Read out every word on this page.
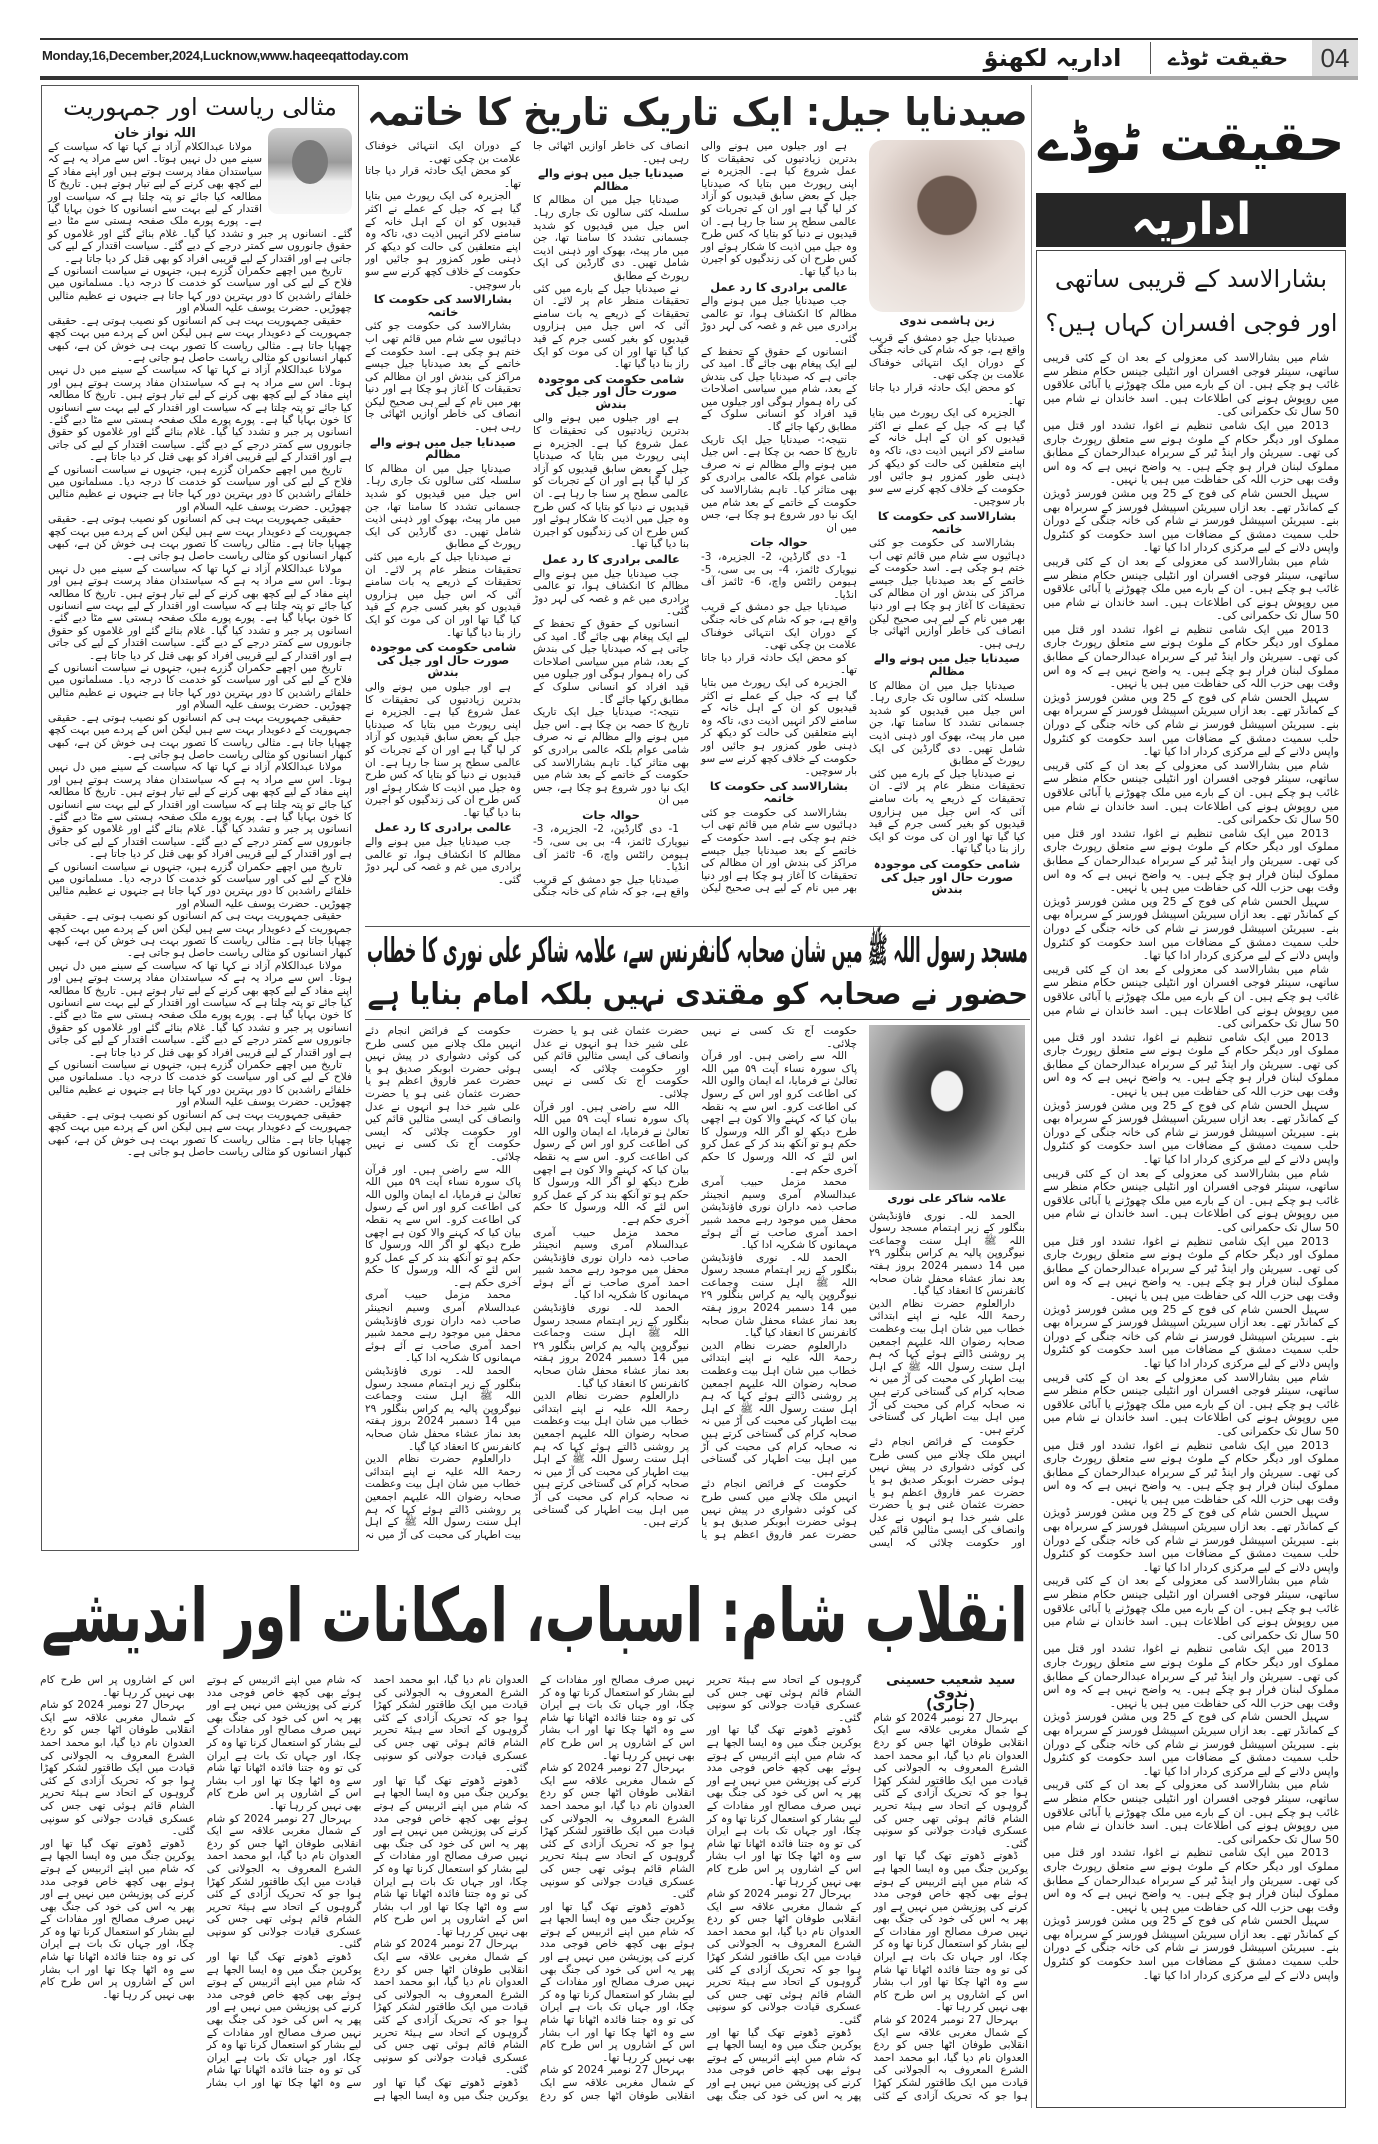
Monday,16,December,2024,Lucknow,www.haqeeqattoday.com	اداریہ لکھنؤ حقیقت ٹوڈے	04
مثالی ریاست اور جمہوریت
اللہ نواز خان

مولانا عبدالکلام آزاد نے کہا تھا کہ سیاست کے سینے میں دل نہیں ہوتا۔ اس سے مراد یہ ہے کہ سیاستدان مفاد پرست ہوتے ہیں اور اپنے مفاد کے لیے کچھ بھی کرنے کے لیے تیار ہوتے ہیں۔ تاریخ کا مطالعہ کیا جائے تو پتہ چلتا ہے کہ سیاست اور اقتدار کے لیے بہت سے انسانوں کا خون بہایا گیا ہے۔ پورے پورے ملک صفحہ ہستی سے مٹا دیے گئے۔ انسانوں پر جبر و تشدد کیا گیا۔ غلام بنائے گئے اور غلاموں کو حقوق جانوروں سے کمتر درجے کے دیے گئے۔ سیاست اقتدار کے لیے کی جاتی ہے اور اقتدار کے لیے قریبی افراد کو بھی قتل کر دیا جاتا ہے۔

تاریخ میں اچھے حکمران گزرے ہیں، جنہوں نے سیاست انسانوں کے فلاح کے لیے کی اور سیاست کو خدمت کا درجہ دیا۔ مسلمانوں میں خلفائے راشدین کا دور بہترین دور کہا جاتا ہے جنہوں نے عظیم مثالیں چھوڑیں۔ حضرت یوسف علیہ السلام اور

حقیقی جمہوریت بہت ہی کم انسانوں کو نصیب ہوتی ہے۔ حقیقی جمہوریت کے دعویدار بہت سے ہیں لیکن اس کے پردے میں بہت کچھ چھپایا جاتا ہے۔ مثالی ریاست کا تصور بہت ہی خوش کن ہے، کبھی کبھار انسانوں کو مثالی ریاست حاصل ہو جاتی ہے۔

مولانا عبدالکلام آزاد نے کہا تھا کہ سیاست کے سینے میں دل نہیں ہوتا۔ اس سے مراد یہ ہے کہ سیاستدان مفاد پرست ہوتے ہیں اور اپنے مفاد کے لیے کچھ بھی کرنے کے لیے تیار ہوتے ہیں۔ تاریخ کا مطالعہ کیا جائے تو پتہ چلتا ہے کہ سیاست اور اقتدار کے لیے بہت سے انسانوں کا خون بہایا گیا ہے۔ پورے پورے ملک صفحہ ہستی سے مٹا دیے گئے۔ انسانوں پر جبر و تشدد کیا گیا۔ غلام بنائے گئے اور غلاموں کو حقوق جانوروں سے کمتر درجے کے دیے گئے۔ سیاست اقتدار کے لیے کی جاتی ہے اور اقتدار کے لیے قریبی افراد کو بھی قتل کر دیا جاتا ہے۔

تاریخ میں اچھے حکمران گزرے ہیں، جنہوں نے سیاست انسانوں کے فلاح کے لیے کی اور سیاست کو خدمت کا درجہ دیا۔ مسلمانوں میں خلفائے راشدین کا دور بہترین دور کہا جاتا ہے جنہوں نے عظیم مثالیں چھوڑیں۔ حضرت یوسف علیہ السلام اور

حقیقی جمہوریت بہت ہی کم انسانوں کو نصیب ہوتی ہے۔ حقیقی جمہوریت کے دعویدار بہت سے ہیں لیکن اس کے پردے میں بہت کچھ چھپایا جاتا ہے۔ مثالی ریاست کا تصور بہت ہی خوش کن ہے، کبھی کبھار انسانوں کو مثالی ریاست حاصل ہو جاتی ہے۔

مولانا عبدالکلام آزاد نے کہا تھا کہ سیاست کے سینے میں دل نہیں ہوتا۔ اس سے مراد یہ ہے کہ سیاستدان مفاد پرست ہوتے ہیں اور اپنے مفاد کے لیے کچھ بھی کرنے کے لیے تیار ہوتے ہیں۔ تاریخ کا مطالعہ کیا جائے تو پتہ چلتا ہے کہ سیاست اور اقتدار کے لیے بہت سے انسانوں کا خون بہایا گیا ہے۔ پورے پورے ملک صفحہ ہستی سے مٹا دیے گئے۔ انسانوں پر جبر و تشدد کیا گیا۔ غلام بنائے گئے اور غلاموں کو حقوق جانوروں سے کمتر درجے کے دیے گئے۔ سیاست اقتدار کے لیے کی جاتی ہے اور اقتدار کے لیے قریبی افراد کو بھی قتل کر دیا جاتا ہے۔

تاریخ میں اچھے حکمران گزرے ہیں، جنہوں نے سیاست انسانوں کے فلاح کے لیے کی اور سیاست کو خدمت کا درجہ دیا۔ مسلمانوں میں خلفائے راشدین کا دور بہترین دور کہا جاتا ہے جنہوں نے عظیم مثالیں چھوڑیں۔ حضرت یوسف علیہ السلام اور

حقیقی جمہوریت بہت ہی کم انسانوں کو نصیب ہوتی ہے۔ حقیقی جمہوریت کے دعویدار بہت سے ہیں لیکن اس کے پردے میں بہت کچھ چھپایا جاتا ہے۔ مثالی ریاست کا تصور بہت ہی خوش کن ہے، کبھی کبھار انسانوں کو مثالی ریاست حاصل ہو جاتی ہے۔

مولانا عبدالکلام آزاد نے کہا تھا کہ سیاست کے سینے میں دل نہیں ہوتا۔ اس سے مراد یہ ہے کہ سیاستدان مفاد پرست ہوتے ہیں اور اپنے مفاد کے لیے کچھ بھی کرنے کے لیے تیار ہوتے ہیں۔ تاریخ کا مطالعہ کیا جائے تو پتہ چلتا ہے کہ سیاست اور اقتدار کے لیے بہت سے انسانوں کا خون بہایا گیا ہے۔ پورے پورے ملک صفحہ ہستی سے مٹا دیے گئے۔ انسانوں پر جبر و تشدد کیا گیا۔ غلام بنائے گئے اور غلاموں کو حقوق جانوروں سے کمتر درجے کے دیے گئے۔ سیاست اقتدار کے لیے کی جاتی ہے اور اقتدار کے لیے قریبی افراد کو بھی قتل کر دیا جاتا ہے۔

تاریخ میں اچھے حکمران گزرے ہیں، جنہوں نے سیاست انسانوں کے فلاح کے لیے کی اور سیاست کو خدمت کا درجہ دیا۔ مسلمانوں میں خلفائے راشدین کا دور بہترین دور کہا جاتا ہے جنہوں نے عظیم مثالیں چھوڑیں۔ حضرت یوسف علیہ السلام اور

حقیقی جمہوریت بہت ہی کم انسانوں کو نصیب ہوتی ہے۔ حقیقی جمہوریت کے دعویدار بہت سے ہیں لیکن اس کے پردے میں بہت کچھ چھپایا جاتا ہے۔ مثالی ریاست کا تصور بہت ہی خوش کن ہے، کبھی کبھار انسانوں کو مثالی ریاست حاصل ہو جاتی ہے۔

مولانا عبدالکلام آزاد نے کہا تھا کہ سیاست کے سینے میں دل نہیں ہوتا۔ اس سے مراد یہ ہے کہ سیاستدان مفاد پرست ہوتے ہیں اور اپنے مفاد کے لیے کچھ بھی کرنے کے لیے تیار ہوتے ہیں۔ تاریخ کا مطالعہ کیا جائے تو پتہ چلتا ہے کہ سیاست اور اقتدار کے لیے بہت سے انسانوں کا خون بہایا گیا ہے۔ پورے پورے ملک صفحہ ہستی سے مٹا دیے گئے۔ انسانوں پر جبر و تشدد کیا گیا۔ غلام بنائے گئے اور غلاموں کو حقوق جانوروں سے کمتر درجے کے دیے گئے۔ سیاست اقتدار کے لیے کی جاتی ہے اور اقتدار کے لیے قریبی افراد کو بھی قتل کر دیا جاتا ہے۔

تاریخ میں اچھے حکمران گزرے ہیں، جنہوں نے سیاست انسانوں کے فلاح کے لیے کی اور سیاست کو خدمت کا درجہ دیا۔ مسلمانوں میں خلفائے راشدین کا دور بہترین دور کہا جاتا ہے جنہوں نے عظیم مثالیں چھوڑیں۔ حضرت یوسف علیہ السلام اور

حقیقی جمہوریت بہت ہی کم انسانوں کو نصیب ہوتی ہے۔ حقیقی جمہوریت کے دعویدار بہت سے ہیں لیکن اس کے پردے میں بہت کچھ چھپایا جاتا ہے۔ مثالی ریاست کا تصور بہت ہی خوش کن ہے، کبھی کبھار انسانوں کو مثالی ریاست حاصل ہو جاتی ہے۔

صیدنایا جیل: ایک تاریک تاریخ کا خاتمہ
زین ہاشمی ندوی

صیدنایا جیل جو دمشق کے قریب واقع ہے، جو کہ شام کی خانہ جنگی کے دوران ایک انتہائی خوفناک علامت بن چکی تھی۔

کو محض ایک حادثہ قرار دیا جاتا تھا۔

الجزیرہ کی ایک رپورٹ میں بتایا گیا ہے کہ جیل کے عملے نے اکثر قیدیوں کو ان کے اہل خانہ کے سامنے لاکر انہیں اذیت دی، تاکہ وہ اپنے متعلقین کی حالت کو دیکھ کر ذہنی طور کمزور ہو جائیں اور حکومت کے خلاف کچھ کرنے سے سو بار سوچیں۔

بشارالاسد کی حکومت کا خاتمہ

بشارالاسد کی حکومت جو کئی دہائیوں سے شام میں قائم تھی اب ختم ہو چکی ہے۔ اسد حکومت کے خاتمے کے بعد صیدنایا جیل جیسے مراکز کی بندش اور ان مظالم کی تحقیقات کا آغاز ہو چکا ہے اور دنیا بھر میں نام کے لیے ہی صحیح لیکن انصاف کی خاطر آوازیں اٹھائی جا رہی ہیں۔

صیدنایا جیل میں ہونے والے مظالم

صیدنایا جیل میں ان مظالم کا سلسلہ کئی سالوں تک جاری رہا۔ اس جیل میں قیدیوں کو شدید جسمانی تشدد کا سامنا تھا، جن میں مار پیٹ، بھوک اور ذہنی اذیت شامل تھیں۔ دی گارڈین کی ایک رپورٹ کے مطابق

نے صیدنایا جیل کے بارے میں کئی تحقیقات منظر عام پر لائے۔ ان تحقیقات کے ذریعے یہ بات سامنے آئی کہ اس جیل میں ہزاروں قیدیوں کو بغیر کسی جرم کے قید کیا گیا تھا اور ان کی موت کو ایک راز بنا دیا گیا تھا۔

شامی حکومت کی موجودہ صورت حال اور جیل کی بندش

ہے اور جیلوں میں ہونے والی بدترین زیادتیوں کی تحقیقات کا عمل شروع کیا ہے۔ الجزیرہ نے اپنی رپورٹ میں بتایا کہ صیدنایا جیل کے بعض سابق قیدیوں کو آزاد کر لیا گیا ہے اور ان کے تجربات کو عالمی سطح پر سنا جا رہا ہے۔ ان قیدیوں نے دنیا کو بتایا کہ کس طرح وہ جیل میں اذیت کا شکار ہوئے اور کس طرح ان کی زندگیوں کو اجیرن بنا دیا گیا تھا۔

عالمی برادری کا رد عمل

جب صیدنایا جیل میں ہونے والے مظالم کا انکشاف ہوا، تو عالمی برادری میں غم و غصہ کی لہر دوڑ گئی۔

انسانوں کے حقوق کے تحفظ کے لیے ایک پیغام بھی جائے گا۔ امید کی جاتی ہے کہ صیدنایا جیل کی بندش کے بعد، شام میں سیاسی اصلاحات کی راہ ہموار ہوگی اور جیلوں میں قید افراد کو انسانی سلوک کے مطابق رکھا جائے گا۔

نتیجہ:- صیدنایا جیل ایک تاریک تاریخ کا حصہ بن چکا ہے۔ اس جیل میں ہونے والے مظالم نے نہ صرف شامی عوام بلکہ عالمی برادری کو بھی متاثر کیا۔ تاہم بشارالاسد کی حکومت کے خاتمے کے بعد شام میں ایک نیا دور شروع ہو چکا ہے، جس میں ان

حوالہ جات

1- دی گارڈین، 2- الجزیرہ، 3- نیویارک ٹائمز، 4- بی بی سی، 5- ہیومن رائٹس واچ، 6- ٹائمز آف انڈیا۔

صیدنایا جیل جو دمشق کے قریب واقع ہے، جو کہ شام کی خانہ جنگی کے دوران ایک انتہائی خوفناک علامت بن چکی تھی۔

کو محض ایک حادثہ قرار دیا جاتا تھا۔

الجزیرہ کی ایک رپورٹ میں بتایا گیا ہے کہ جیل کے عملے نے اکثر قیدیوں کو ان کے اہل خانہ کے سامنے لاکر انہیں اذیت دی، تاکہ وہ اپنے متعلقین کی حالت کو دیکھ کر ذہنی طور کمزور ہو جائیں اور حکومت کے خلاف کچھ کرنے سے سو بار سوچیں۔

بشارالاسد کی حکومت کا خاتمہ

بشارالاسد کی حکومت جو کئی دہائیوں سے شام میں قائم تھی اب ختم ہو چکی ہے۔ اسد حکومت کے خاتمے کے بعد صیدنایا جیل جیسے مراکز کی بندش اور ان مظالم کی تحقیقات کا آغاز ہو چکا ہے اور دنیا بھر میں نام کے لیے ہی صحیح لیکن انصاف کی خاطر آوازیں اٹھائی جا رہی ہیں۔

صیدنایا جیل میں ہونے والے مظالم

صیدنایا جیل میں ان مظالم کا سلسلہ کئی سالوں تک جاری رہا۔ اس جیل میں قیدیوں کو شدید جسمانی تشدد کا سامنا تھا، جن میں مار پیٹ، بھوک اور ذہنی اذیت شامل تھیں۔ دی گارڈین کی ایک رپورٹ کے مطابق

نے صیدنایا جیل کے بارے میں کئی تحقیقات منظر عام پر لائے۔ ان تحقیقات کے ذریعے یہ بات سامنے آئی کہ اس جیل میں ہزاروں قیدیوں کو بغیر کسی جرم کے قید کیا گیا تھا اور ان کی موت کو ایک راز بنا دیا گیا تھا۔

شامی حکومت کی موجودہ صورت حال اور جیل کی بندش

ہے اور جیلوں میں ہونے والی بدترین زیادتیوں کی تحقیقات کا عمل شروع کیا ہے۔ الجزیرہ نے اپنی رپورٹ میں بتایا کہ صیدنایا جیل کے بعض سابق قیدیوں کو آزاد کر لیا گیا ہے اور ان کے تجربات کو عالمی سطح پر سنا جا رہا ہے۔ ان قیدیوں نے دنیا کو بتایا کہ کس طرح وہ جیل میں اذیت کا شکار ہوئے اور کس طرح ان کی زندگیوں کو اجیرن بنا دیا گیا تھا۔

عالمی برادری کا رد عمل

جب صیدنایا جیل میں ہونے والے مظالم کا انکشاف ہوا، تو عالمی برادری میں غم و غصہ کی لہر دوڑ گئی۔

انسانوں کے حقوق کے تحفظ کے لیے ایک پیغام بھی جائے گا۔ امید کی جاتی ہے کہ صیدنایا جیل کی بندش کے بعد، شام میں سیاسی اصلاحات کی راہ ہموار ہوگی اور جیلوں میں قید افراد کو انسانی سلوک کے مطابق رکھا جائے گا۔

نتیجہ:- صیدنایا جیل ایک تاریک تاریخ کا حصہ بن چکا ہے۔ اس جیل میں ہونے والے مظالم نے نہ صرف شامی عوام بلکہ عالمی برادری کو بھی متاثر کیا۔ تاہم بشارالاسد کی حکومت کے خاتمے کے بعد شام میں ایک نیا دور شروع ہو چکا ہے، جس میں ان

حوالہ جات

1- دی گارڈین، 2- الجزیرہ، 3- نیویارک ٹائمز، 4- بی بی سی، 5- ہیومن رائٹس واچ، 6- ٹائمز آف انڈیا۔

صیدنایا جیل جو دمشق کے قریب واقع ہے، جو کہ شام کی خانہ جنگی کے دوران ایک انتہائی خوفناک علامت بن چکی تھی۔

کو محض ایک حادثہ قرار دیا جاتا تھا۔

الجزیرہ کی ایک رپورٹ میں بتایا گیا ہے کہ جیل کے عملے نے اکثر قیدیوں کو ان کے اہل خانہ کے سامنے لاکر انہیں اذیت دی، تاکہ وہ اپنے متعلقین کی حالت کو دیکھ کر ذہنی طور کمزور ہو جائیں اور حکومت کے خلاف کچھ کرنے سے سو بار سوچیں۔

بشارالاسد کی حکومت کا خاتمہ

بشارالاسد کی حکومت جو کئی دہائیوں سے شام میں قائم تھی اب ختم ہو چکی ہے۔ اسد حکومت کے خاتمے کے بعد صیدنایا جیل جیسے مراکز کی بندش اور ان مظالم کی تحقیقات کا آغاز ہو چکا ہے اور دنیا بھر میں نام کے لیے ہی صحیح لیکن انصاف کی خاطر آوازیں اٹھائی جا رہی ہیں۔

صیدنایا جیل میں ہونے والے مظالم

صیدنایا جیل میں ان مظالم کا سلسلہ کئی سالوں تک جاری رہا۔ اس جیل میں قیدیوں کو شدید جسمانی تشدد کا سامنا تھا، جن میں مار پیٹ، بھوک اور ذہنی اذیت شامل تھیں۔ دی گارڈین کی ایک رپورٹ کے مطابق

نے صیدنایا جیل کے بارے میں کئی تحقیقات منظر عام پر لائے۔ ان تحقیقات کے ذریعے یہ بات سامنے آئی کہ اس جیل میں ہزاروں قیدیوں کو بغیر کسی جرم کے قید کیا گیا تھا اور ان کی موت کو ایک راز بنا دیا گیا تھا۔

شامی حکومت کی موجودہ صورت حال اور جیل کی بندش

ہے اور جیلوں میں ہونے والی بدترین زیادتیوں کی تحقیقات کا عمل شروع کیا ہے۔ الجزیرہ نے اپنی رپورٹ میں بتایا کہ صیدنایا جیل کے بعض سابق قیدیوں کو آزاد کر لیا گیا ہے اور ان کے تجربات کو عالمی سطح پر سنا جا رہا ہے۔ ان قیدیوں نے دنیا کو بتایا کہ کس طرح وہ جیل میں اذیت کا شکار ہوئے اور کس طرح ان کی زندگیوں کو اجیرن بنا دیا گیا تھا۔

عالمی برادری کا رد عمل

جب صیدنایا جیل میں ہونے والے مظالم کا انکشاف ہوا، تو عالمی برادری میں غم و غصہ کی لہر دوڑ گئی۔

مسجد رسول اللہ ﷺ میں شان صحابہ کانفرنس سے، علامہ شاکر علی نوری کا خطاب
حضور نے صحابہ کو مقتدی نہیں بلکہ امام بنایا ہے
علامہ شاکر علی نوری

الحمد للہ۔ نوری فاؤنڈیشن بنگلور کے زیر اہتمام مسجد رسول اللہ ﷺ اہل سنت وجماعت نیوگروپن پالیہ یم کراس بنگلور ۲۹ میں 14 دسمبر 2024 بروز ہفتہ بعد نماز عشاء محفل شان صحابہ کانفرنس کا انعقاد کیا گیا۔

دارالعلوم حضرت نظام الدین رحمۃ اللہ علیہ نے اپنے ابتدائی خطاب میں شان اہل بیت وعظمت صحابہ رضوان اللہ علیہم اجمعین پر روشنی ڈالتے ہوئے کہا کہ ہم اہل سنت رسول اللہ ﷺ کے اہل بیت اطہار کی محبت کی آڑ میں نہ صحابہ کرام کی گستاخی کرتے ہیں نہ صحابہ کرام کی محبت کی آڑ میں اہل بیت اطہار کی گستاخی کرتے ہیں۔

حکومت کے فرائض انجام دئے انہیں ملک چلانے میں کسی طرح کی کوئی دشواری در پیش نہیں ہوئی حضرت ابوبکر صدیق ہو یا حضرت عمر فاروق اعظم ہو یا حضرت عثمان غنی ہو یا حضرت علی شیر خدا ہو انہوں نے عدل وانصاف کی ایسی مثالیں قائم کیں اور حکومت چلائی کہ ایسی حکومت آج تک کسی نے نہیں چلائی۔

اللہ سے راضی ہیں۔ اور قرآن پاک سورہ نساء آیت ۵۹ میں اللہ تعالیٰ نے فرمایا، اے ایمان والوں اللہ کی اطاعت کرو اور اس کے رسول کی اطاعت کرو۔ اس سے یہ نقطہ بیان کیا کہ کہنے والا کون ہے اچھی طرح دیکھ لو اگر اللہ ورسول کا حکم ہو تو آنکھ بند کر کے عمل کرو اس لئے کہ اللہ ورسول کا حکم آخری حکم ہے۔

محمد مزمل حبیب آمری عبدالسلام آمری وسیم انجینئر صاحب ذمہ داران نوری فاؤنڈیشن محفل میں موجود رہے محمد شبیر احمد آمری صاحب نے آئے ہوئے مہمانوں کا شکریہ ادا کیا۔

الحمد للہ۔ نوری فاؤنڈیشن بنگلور کے زیر اہتمام مسجد رسول اللہ ﷺ اہل سنت وجماعت نیوگروپن پالیہ یم کراس بنگلور ۲۹ میں 14 دسمبر 2024 بروز ہفتہ بعد نماز عشاء محفل شان صحابہ کانفرنس کا انعقاد کیا گیا۔

دارالعلوم حضرت نظام الدین رحمۃ اللہ علیہ نے اپنے ابتدائی خطاب میں شان اہل بیت وعظمت صحابہ رضوان اللہ علیہم اجمعین پر روشنی ڈالتے ہوئے کہا کہ ہم اہل سنت رسول اللہ ﷺ کے اہل بیت اطہار کی محبت کی آڑ میں نہ صحابہ کرام کی گستاخی کرتے ہیں نہ صحابہ کرام کی محبت کی آڑ میں اہل بیت اطہار کی گستاخی کرتے ہیں۔

حکومت کے فرائض انجام دئے انہیں ملک چلانے میں کسی طرح کی کوئی دشواری در پیش نہیں ہوئی حضرت ابوبکر صدیق ہو یا حضرت عمر فاروق اعظم ہو یا حضرت عثمان غنی ہو یا حضرت علی شیر خدا ہو انہوں نے عدل وانصاف کی ایسی مثالیں قائم کیں اور حکومت چلائی کہ ایسی حکومت آج تک کسی نے نہیں چلائی۔

اللہ سے راضی ہیں۔ اور قرآن پاک سورہ نساء آیت ۵۹ میں اللہ تعالیٰ نے فرمایا، اے ایمان والوں اللہ کی اطاعت کرو اور اس کے رسول کی اطاعت کرو۔ اس سے یہ نقطہ بیان کیا کہ کہنے والا کون ہے اچھی طرح دیکھ لو اگر اللہ ورسول کا حکم ہو تو آنکھ بند کر کے عمل کرو اس لئے کہ اللہ ورسول کا حکم آخری حکم ہے۔

محمد مزمل حبیب آمری عبدالسلام آمری وسیم انجینئر صاحب ذمہ داران نوری فاؤنڈیشن محفل میں موجود رہے محمد شبیر احمد آمری صاحب نے آئے ہوئے مہمانوں کا شکریہ ادا کیا۔

الحمد للہ۔ نوری فاؤنڈیشن بنگلور کے زیر اہتمام مسجد رسول اللہ ﷺ اہل سنت وجماعت نیوگروپن پالیہ یم کراس بنگلور ۲۹ میں 14 دسمبر 2024 بروز ہفتہ بعد نماز عشاء محفل شان صحابہ کانفرنس کا انعقاد کیا گیا۔

دارالعلوم حضرت نظام الدین رحمۃ اللہ علیہ نے اپنے ابتدائی خطاب میں شان اہل بیت وعظمت صحابہ رضوان اللہ علیہم اجمعین پر روشنی ڈالتے ہوئے کہا کہ ہم اہل سنت رسول اللہ ﷺ کے اہل بیت اطہار کی محبت کی آڑ میں نہ صحابہ کرام کی گستاخی کرتے ہیں نہ صحابہ کرام کی محبت کی آڑ میں اہل بیت اطہار کی گستاخی کرتے ہیں۔

حکومت کے فرائض انجام دئے انہیں ملک چلانے میں کسی طرح کی کوئی دشواری در پیش نہیں ہوئی حضرت ابوبکر صدیق ہو یا حضرت عمر فاروق اعظم ہو یا حضرت عثمان غنی ہو یا حضرت علی شیر خدا ہو انہوں نے عدل وانصاف کی ایسی مثالیں قائم کیں اور حکومت چلائی کہ ایسی حکومت آج تک کسی نے نہیں چلائی۔

اللہ سے راضی ہیں۔ اور قرآن پاک سورہ نساء آیت ۵۹ میں اللہ تعالیٰ نے فرمایا، اے ایمان والوں اللہ کی اطاعت کرو اور اس کے رسول کی اطاعت کرو۔ اس سے یہ نقطہ بیان کیا کہ کہنے والا کون ہے اچھی طرح دیکھ لو اگر اللہ ورسول کا حکم ہو تو آنکھ بند کر کے عمل کرو اس لئے کہ اللہ ورسول کا حکم آخری حکم ہے۔

محمد مزمل حبیب آمری عبدالسلام آمری وسیم انجینئر صاحب ذمہ داران نوری فاؤنڈیشن محفل میں موجود رہے محمد شبیر احمد آمری صاحب نے آئے ہوئے مہمانوں کا شکریہ ادا کیا۔

الحمد للہ۔ نوری فاؤنڈیشن بنگلور کے زیر اہتمام مسجد رسول اللہ ﷺ اہل سنت وجماعت نیوگروپن پالیہ یم کراس بنگلور ۲۹ میں 14 دسمبر 2024 بروز ہفتہ بعد نماز عشاء محفل شان صحابہ کانفرنس کا انعقاد کیا گیا۔

دارالعلوم حضرت نظام الدین رحمۃ اللہ علیہ نے اپنے ابتدائی خطاب میں شان اہل بیت وعظمت صحابہ رضوان اللہ علیہم اجمعین پر روشنی ڈالتے ہوئے کہا کہ ہم اہل سنت رسول اللہ ﷺ کے اہل بیت اطہار کی محبت کی آڑ میں نہ

حقیقت ٹوڈے
اداریہ
بشارالاسد کے قریبی ساتھی
اور فوجی افسران کہاں ہیں؟

شام میں بشارالاسد کی معزولی کے بعد ان کے کئی قریبی ساتھی، سینئر فوجی افسران اور انٹیلی جینس حکام منظر سے غائب ہو چکے ہیں۔ ان کے بارے میں ملک چھوڑنے یا آبائی علاقوں میں روپوش ہونے کی اطلاعات ہیں۔ اسد خاندان نے شام میں 50 سال تک حکمرانی کی۔

2013 میں ایک شامی تنظیم نے اغوا، تشدد اور قتل میں مملوک اور دیگر حکام کے ملوث ہونے سے متعلق رپورٹ جاری کی تھی۔ سیریئن وار اینڈ ٹیر کے سربراہ عبدالرحمان کے مطابق مملوک لبنان فرار ہو چکے ہیں۔ یہ واضح نہیں ہے کہ وہ اس وقت بھی حزب اللہ کی حفاظت میں ہیں یا نہیں۔

سہیل الحسن شام کی فوج کے 25 ویں مشن فورسز ڈویژن کے کمانڈر تھے۔ بعد ازاں سیریئن اسپیشل فورسز کے سربراہ بھی بنے۔ سیریئن اسپیشل فورسز نے شام کی خانہ جنگی کے دوران حلب سمیت دمشق کے مضافات میں اسد حکومت کو کنٹرول واپس دلانے کے لیے مرکزی کردار ادا کیا تھا۔

شام میں بشارالاسد کی معزولی کے بعد ان کے کئی قریبی ساتھی، سینئر فوجی افسران اور انٹیلی جینس حکام منظر سے غائب ہو چکے ہیں۔ ان کے بارے میں ملک چھوڑنے یا آبائی علاقوں میں روپوش ہونے کی اطلاعات ہیں۔ اسد خاندان نے شام میں 50 سال تک حکمرانی کی۔

2013 میں ایک شامی تنظیم نے اغوا، تشدد اور قتل میں مملوک اور دیگر حکام کے ملوث ہونے سے متعلق رپورٹ جاری کی تھی۔ سیریئن وار اینڈ ٹیر کے سربراہ عبدالرحمان کے مطابق مملوک لبنان فرار ہو چکے ہیں۔ یہ واضح نہیں ہے کہ وہ اس وقت بھی حزب اللہ کی حفاظت میں ہیں یا نہیں۔

سہیل الحسن شام کی فوج کے 25 ویں مشن فورسز ڈویژن کے کمانڈر تھے۔ بعد ازاں سیریئن اسپیشل فورسز کے سربراہ بھی بنے۔ سیریئن اسپیشل فورسز نے شام کی خانہ جنگی کے دوران حلب سمیت دمشق کے مضافات میں اسد حکومت کو کنٹرول واپس دلانے کے لیے مرکزی کردار ادا کیا تھا۔

شام میں بشارالاسد کی معزولی کے بعد ان کے کئی قریبی ساتھی، سینئر فوجی افسران اور انٹیلی جینس حکام منظر سے غائب ہو چکے ہیں۔ ان کے بارے میں ملک چھوڑنے یا آبائی علاقوں میں روپوش ہونے کی اطلاعات ہیں۔ اسد خاندان نے شام میں 50 سال تک حکمرانی کی۔

2013 میں ایک شامی تنظیم نے اغوا، تشدد اور قتل میں مملوک اور دیگر حکام کے ملوث ہونے سے متعلق رپورٹ جاری کی تھی۔ سیریئن وار اینڈ ٹیر کے سربراہ عبدالرحمان کے مطابق مملوک لبنان فرار ہو چکے ہیں۔ یہ واضح نہیں ہے کہ وہ اس وقت بھی حزب اللہ کی حفاظت میں ہیں یا نہیں۔

سہیل الحسن شام کی فوج کے 25 ویں مشن فورسز ڈویژن کے کمانڈر تھے۔ بعد ازاں سیریئن اسپیشل فورسز کے سربراہ بھی بنے۔ سیریئن اسپیشل فورسز نے شام کی خانہ جنگی کے دوران حلب سمیت دمشق کے مضافات میں اسد حکومت کو کنٹرول واپس دلانے کے لیے مرکزی کردار ادا کیا تھا۔

شام میں بشارالاسد کی معزولی کے بعد ان کے کئی قریبی ساتھی، سینئر فوجی افسران اور انٹیلی جینس حکام منظر سے غائب ہو چکے ہیں۔ ان کے بارے میں ملک چھوڑنے یا آبائی علاقوں میں روپوش ہونے کی اطلاعات ہیں۔ اسد خاندان نے شام میں 50 سال تک حکمرانی کی۔

2013 میں ایک شامی تنظیم نے اغوا، تشدد اور قتل میں مملوک اور دیگر حکام کے ملوث ہونے سے متعلق رپورٹ جاری کی تھی۔ سیریئن وار اینڈ ٹیر کے سربراہ عبدالرحمان کے مطابق مملوک لبنان فرار ہو چکے ہیں۔ یہ واضح نہیں ہے کہ وہ اس وقت بھی حزب اللہ کی حفاظت میں ہیں یا نہیں۔

سہیل الحسن شام کی فوج کے 25 ویں مشن فورسز ڈویژن کے کمانڈر تھے۔ بعد ازاں سیریئن اسپیشل فورسز کے سربراہ بھی بنے۔ سیریئن اسپیشل فورسز نے شام کی خانہ جنگی کے دوران حلب سمیت دمشق کے مضافات میں اسد حکومت کو کنٹرول واپس دلانے کے لیے مرکزی کردار ادا کیا تھا۔

شام میں بشارالاسد کی معزولی کے بعد ان کے کئی قریبی ساتھی، سینئر فوجی افسران اور انٹیلی جینس حکام منظر سے غائب ہو چکے ہیں۔ ان کے بارے میں ملک چھوڑنے یا آبائی علاقوں میں روپوش ہونے کی اطلاعات ہیں۔ اسد خاندان نے شام میں 50 سال تک حکمرانی کی۔

2013 میں ایک شامی تنظیم نے اغوا، تشدد اور قتل میں مملوک اور دیگر حکام کے ملوث ہونے سے متعلق رپورٹ جاری کی تھی۔ سیریئن وار اینڈ ٹیر کے سربراہ عبدالرحمان کے مطابق مملوک لبنان فرار ہو چکے ہیں۔ یہ واضح نہیں ہے کہ وہ اس وقت بھی حزب اللہ کی حفاظت میں ہیں یا نہیں۔

سہیل الحسن شام کی فوج کے 25 ویں مشن فورسز ڈویژن کے کمانڈر تھے۔ بعد ازاں سیریئن اسپیشل فورسز کے سربراہ بھی بنے۔ سیریئن اسپیشل فورسز نے شام کی خانہ جنگی کے دوران حلب سمیت دمشق کے مضافات میں اسد حکومت کو کنٹرول واپس دلانے کے لیے مرکزی کردار ادا کیا تھا۔

شام میں بشارالاسد کی معزولی کے بعد ان کے کئی قریبی ساتھی، سینئر فوجی افسران اور انٹیلی جینس حکام منظر سے غائب ہو چکے ہیں۔ ان کے بارے میں ملک چھوڑنے یا آبائی علاقوں میں روپوش ہونے کی اطلاعات ہیں۔ اسد خاندان نے شام میں 50 سال تک حکمرانی کی۔

2013 میں ایک شامی تنظیم نے اغوا، تشدد اور قتل میں مملوک اور دیگر حکام کے ملوث ہونے سے متعلق رپورٹ جاری کی تھی۔ سیریئن وار اینڈ ٹیر کے سربراہ عبدالرحمان کے مطابق مملوک لبنان فرار ہو چکے ہیں۔ یہ واضح نہیں ہے کہ وہ اس وقت بھی حزب اللہ کی حفاظت میں ہیں یا نہیں۔

سہیل الحسن شام کی فوج کے 25 ویں مشن فورسز ڈویژن کے کمانڈر تھے۔ بعد ازاں سیریئن اسپیشل فورسز کے سربراہ بھی بنے۔ سیریئن اسپیشل فورسز نے شام کی خانہ جنگی کے دوران حلب سمیت دمشق کے مضافات میں اسد حکومت کو کنٹرول واپس دلانے کے لیے مرکزی کردار ادا کیا تھا۔

شام میں بشارالاسد کی معزولی کے بعد ان کے کئی قریبی ساتھی، سینئر فوجی افسران اور انٹیلی جینس حکام منظر سے غائب ہو چکے ہیں۔ ان کے بارے میں ملک چھوڑنے یا آبائی علاقوں میں روپوش ہونے کی اطلاعات ہیں۔ اسد خاندان نے شام میں 50 سال تک حکمرانی کی۔

2013 میں ایک شامی تنظیم نے اغوا، تشدد اور قتل میں مملوک اور دیگر حکام کے ملوث ہونے سے متعلق رپورٹ جاری کی تھی۔ سیریئن وار اینڈ ٹیر کے سربراہ عبدالرحمان کے مطابق مملوک لبنان فرار ہو چکے ہیں۔ یہ واضح نہیں ہے کہ وہ اس وقت بھی حزب اللہ کی حفاظت میں ہیں یا نہیں۔

سہیل الحسن شام کی فوج کے 25 ویں مشن فورسز ڈویژن کے کمانڈر تھے۔ بعد ازاں سیریئن اسپیشل فورسز کے سربراہ بھی بنے۔ سیریئن اسپیشل فورسز نے شام کی خانہ جنگی کے دوران حلب سمیت دمشق کے مضافات میں اسد حکومت کو کنٹرول واپس دلانے کے لیے مرکزی کردار ادا کیا تھا۔

شام میں بشارالاسد کی معزولی کے بعد ان کے کئی قریبی ساتھی، سینئر فوجی افسران اور انٹیلی جینس حکام منظر سے غائب ہو چکے ہیں۔ ان کے بارے میں ملک چھوڑنے یا آبائی علاقوں میں روپوش ہونے کی اطلاعات ہیں۔ اسد خاندان نے شام میں 50 سال تک حکمرانی کی۔

2013 میں ایک شامی تنظیم نے اغوا، تشدد اور قتل میں مملوک اور دیگر حکام کے ملوث ہونے سے متعلق رپورٹ جاری کی تھی۔ سیریئن وار اینڈ ٹیر کے سربراہ عبدالرحمان کے مطابق مملوک لبنان فرار ہو چکے ہیں۔ یہ واضح نہیں ہے کہ وہ اس وقت بھی حزب اللہ کی حفاظت میں ہیں یا نہیں۔

سہیل الحسن شام کی فوج کے 25 ویں مشن فورسز ڈویژن کے کمانڈر تھے۔ بعد ازاں سیریئن اسپیشل فورسز کے سربراہ بھی بنے۔ سیریئن اسپیشل فورسز نے شام کی خانہ جنگی کے دوران حلب سمیت دمشق کے مضافات میں اسد حکومت کو کنٹرول واپس دلانے کے لیے مرکزی کردار ادا کیا تھا۔

انقلاب شام: اسباب، امکانات اور اندیشے
سید شعیب حسینی ندوی
(جاری)

بہرحال 27 نومبر 2024 کو شام کے شمال مغربی علاقہ سے ایک انقلابی طوفان اٹھا جس کو ردع العدوان نام دیا گیا، ابو محمد احمد الشرع المعروف بہ الجولانی کی قیادت میں ایک طاقتور لشکر کھڑا ہوا جو کہ تحریک آزادی کے کئی گروہوں کے اتحاد سے ہیئۃ تحریر الشام قائم ہوئی تھی جس کی عسکری قیادت جولانی کو سونپی گئی۔

ڈھوتے ڈھوتے تھک گیا تھا اور یوکرین جنگ میں وہ ایسا الجھا ہے کہ شام میں اپنے ائربیس کے ہوتے ہوئے بھی کچھ خاص فوجی مدد کرنے کی پوزیشن میں نہیں ہے اور پھر یہ اس کی خود کی جنگ بھی نہیں صرف مصالح اور مفادات کے لیے بشار کو استعمال کرنا تھا وہ کر چکا، اور جہاں تک بات ہے ایران کی تو وہ جتنا فائدہ اٹھانا تھا شام سے وہ اٹھا چکا تھا اور اب بشار اس کے اشاروں پر اس طرح کام بھی نہیں کر رہا تھا۔

بہرحال 27 نومبر 2024 کو شام کے شمال مغربی علاقہ سے ایک انقلابی طوفان اٹھا جس کو ردع العدوان نام دیا گیا، ابو محمد احمد الشرع المعروف بہ الجولانی کی قیادت میں ایک طاقتور لشکر کھڑا ہوا جو کہ تحریک آزادی کے کئی گروہوں کے اتحاد سے ہیئۃ تحریر الشام قائم ہوئی تھی جس کی عسکری قیادت جولانی کو سونپی گئی۔

ڈھوتے ڈھوتے تھک گیا تھا اور یوکرین جنگ میں وہ ایسا الجھا ہے کہ شام میں اپنے ائربیس کے ہوتے ہوئے بھی کچھ خاص فوجی مدد کرنے کی پوزیشن میں نہیں ہے اور پھر یہ اس کی خود کی جنگ بھی نہیں صرف مصالح اور مفادات کے لیے بشار کو استعمال کرنا تھا وہ کر چکا، اور جہاں تک بات ہے ایران کی تو وہ جتنا فائدہ اٹھانا تھا شام سے وہ اٹھا چکا تھا اور اب بشار اس کے اشاروں پر اس طرح کام بھی نہیں کر رہا تھا۔

بہرحال 27 نومبر 2024 کو شام کے شمال مغربی علاقہ سے ایک انقلابی طوفان اٹھا جس کو ردع العدوان نام دیا گیا، ابو محمد احمد الشرع المعروف بہ الجولانی کی قیادت میں ایک طاقتور لشکر کھڑا ہوا جو کہ تحریک آزادی کے کئی گروہوں کے اتحاد سے ہیئۃ تحریر الشام قائم ہوئی تھی جس کی عسکری قیادت جولانی کو سونپی گئی۔

ڈھوتے ڈھوتے تھک گیا تھا اور یوکرین جنگ میں وہ ایسا الجھا ہے کہ شام میں اپنے ائربیس کے ہوتے ہوئے بھی کچھ خاص فوجی مدد کرنے کی پوزیشن میں نہیں ہے اور پھر یہ اس کی خود کی جنگ بھی نہیں صرف مصالح اور مفادات کے لیے بشار کو استعمال کرنا تھا وہ کر چکا، اور جہاں تک بات ہے ایران کی تو وہ جتنا فائدہ اٹھانا تھا شام سے وہ اٹھا چکا تھا اور اب بشار اس کے اشاروں پر اس طرح کام بھی نہیں کر رہا تھا۔

بہرحال 27 نومبر 2024 کو شام کے شمال مغربی علاقہ سے ایک انقلابی طوفان اٹھا جس کو ردع العدوان نام دیا گیا، ابو محمد احمد الشرع المعروف بہ الجولانی کی قیادت میں ایک طاقتور لشکر کھڑا ہوا جو کہ تحریک آزادی کے کئی گروہوں کے اتحاد سے ہیئۃ تحریر الشام قائم ہوئی تھی جس کی عسکری قیادت جولانی کو سونپی گئی۔

ڈھوتے ڈھوتے تھک گیا تھا اور یوکرین جنگ میں وہ ایسا الجھا ہے کہ شام میں اپنے ائربیس کے ہوتے ہوئے بھی کچھ خاص فوجی مدد کرنے کی پوزیشن میں نہیں ہے اور پھر یہ اس کی خود کی جنگ بھی نہیں صرف مصالح اور مفادات کے لیے بشار کو استعمال کرنا تھا وہ کر چکا، اور جہاں تک بات ہے ایران کی تو وہ جتنا فائدہ اٹھانا تھا شام سے وہ اٹھا چکا تھا اور اب بشار اس کے اشاروں پر اس طرح کام بھی نہیں کر رہا تھا۔

بہرحال 27 نومبر 2024 کو شام کے شمال مغربی علاقہ سے ایک انقلابی طوفان اٹھا جس کو ردع العدوان نام دیا گیا، ابو محمد احمد الشرع المعروف بہ الجولانی کی قیادت میں ایک طاقتور لشکر کھڑا ہوا جو کہ تحریک آزادی کے کئی گروہوں کے اتحاد سے ہیئۃ تحریر الشام قائم ہوئی تھی جس کی عسکری قیادت جولانی کو سونپی گئی۔

ڈھوتے ڈھوتے تھک گیا تھا اور یوکرین جنگ میں وہ ایسا الجھا ہے کہ شام میں اپنے ائربیس کے ہوتے ہوئے بھی کچھ خاص فوجی مدد کرنے کی پوزیشن میں نہیں ہے اور پھر یہ اس کی خود کی جنگ بھی نہیں صرف مصالح اور مفادات کے لیے بشار کو استعمال کرنا تھا وہ کر چکا، اور جہاں تک بات ہے ایران کی تو وہ جتنا فائدہ اٹھانا تھا شام سے وہ اٹھا چکا تھا اور اب بشار اس کے اشاروں پر اس طرح کام بھی نہیں کر رہا تھا۔

بہرحال 27 نومبر 2024 کو شام کے شمال مغربی علاقہ سے ایک انقلابی طوفان اٹھا جس کو ردع العدوان نام دیا گیا، ابو محمد احمد الشرع المعروف بہ الجولانی کی قیادت میں ایک طاقتور لشکر کھڑا ہوا جو کہ تحریک آزادی کے کئی گروہوں کے اتحاد سے ہیئۃ تحریر الشام قائم ہوئی تھی جس کی عسکری قیادت جولانی کو سونپی گئی۔

ڈھوتے ڈھوتے تھک گیا تھا اور یوکرین جنگ میں وہ ایسا الجھا ہے کہ شام میں اپنے ائربیس کے ہوتے ہوئے بھی کچھ خاص فوجی مدد کرنے کی پوزیشن میں نہیں ہے اور پھر یہ اس کی خود کی جنگ بھی نہیں صرف مصالح اور مفادات کے لیے بشار کو استعمال کرنا تھا وہ کر چکا، اور جہاں تک بات ہے ایران کی تو وہ جتنا فائدہ اٹھانا تھا شام سے وہ اٹھا چکا تھا اور اب بشار اس کے اشاروں پر اس طرح کام بھی نہیں کر رہا تھا۔

بہرحال 27 نومبر 2024 کو شام کے شمال مغربی علاقہ سے ایک انقلابی طوفان اٹھا جس کو ردع العدوان نام دیا گیا، ابو محمد احمد الشرع المعروف بہ الجولانی کی قیادت میں ایک طاقتور لشکر کھڑا ہوا جو کہ تحریک آزادی کے کئی گروہوں کے اتحاد سے ہیئۃ تحریر الشام قائم ہوئی تھی جس کی عسکری قیادت جولانی کو سونپی گئی۔

ڈھوتے ڈھوتے تھک گیا تھا اور یوکرین جنگ میں وہ ایسا الجھا ہے کہ شام میں اپنے ائربیس کے ہوتے ہوئے بھی کچھ خاص فوجی مدد کرنے کی پوزیشن میں نہیں ہے اور پھر یہ اس کی خود کی جنگ بھی نہیں صرف مصالح اور مفادات کے لیے بشار کو استعمال کرنا تھا وہ کر چکا، اور جہاں تک بات ہے ایران کی تو وہ جتنا فائدہ اٹھانا تھا شام سے وہ اٹھا چکا تھا اور اب بشار اس کے اشاروں پر اس طرح کام بھی نہیں کر رہا تھا۔

بہرحال 27 نومبر 2024 کو شام کے شمال مغربی علاقہ سے ایک انقلابی طوفان اٹھا جس کو ردع العدوان نام دیا گیا، ابو محمد احمد الشرع المعروف بہ الجولانی کی قیادت میں ایک طاقتور لشکر کھڑا ہوا جو کہ تحریک آزادی کے کئی گروہوں کے اتحاد سے ہیئۃ تحریر الشام قائم ہوئی تھی جس کی عسکری قیادت جولانی کو سونپی گئی۔

ڈھوتے ڈھوتے تھک گیا تھا اور یوکرین جنگ میں وہ ایسا الجھا ہے کہ شام میں اپنے ائربیس کے ہوتے ہوئے بھی کچھ خاص فوجی مدد کرنے کی پوزیشن میں نہیں ہے اور پھر یہ اس کی خود کی جنگ بھی نہیں صرف مصالح اور مفادات کے لیے بشار کو استعمال کرنا تھا وہ کر چکا، اور جہاں تک بات ہے ایران کی تو وہ جتنا فائدہ اٹھانا تھا شام سے وہ اٹھا چکا تھا اور اب بشار اس کے اشاروں پر اس طرح کام بھی نہیں کر رہا تھا۔
